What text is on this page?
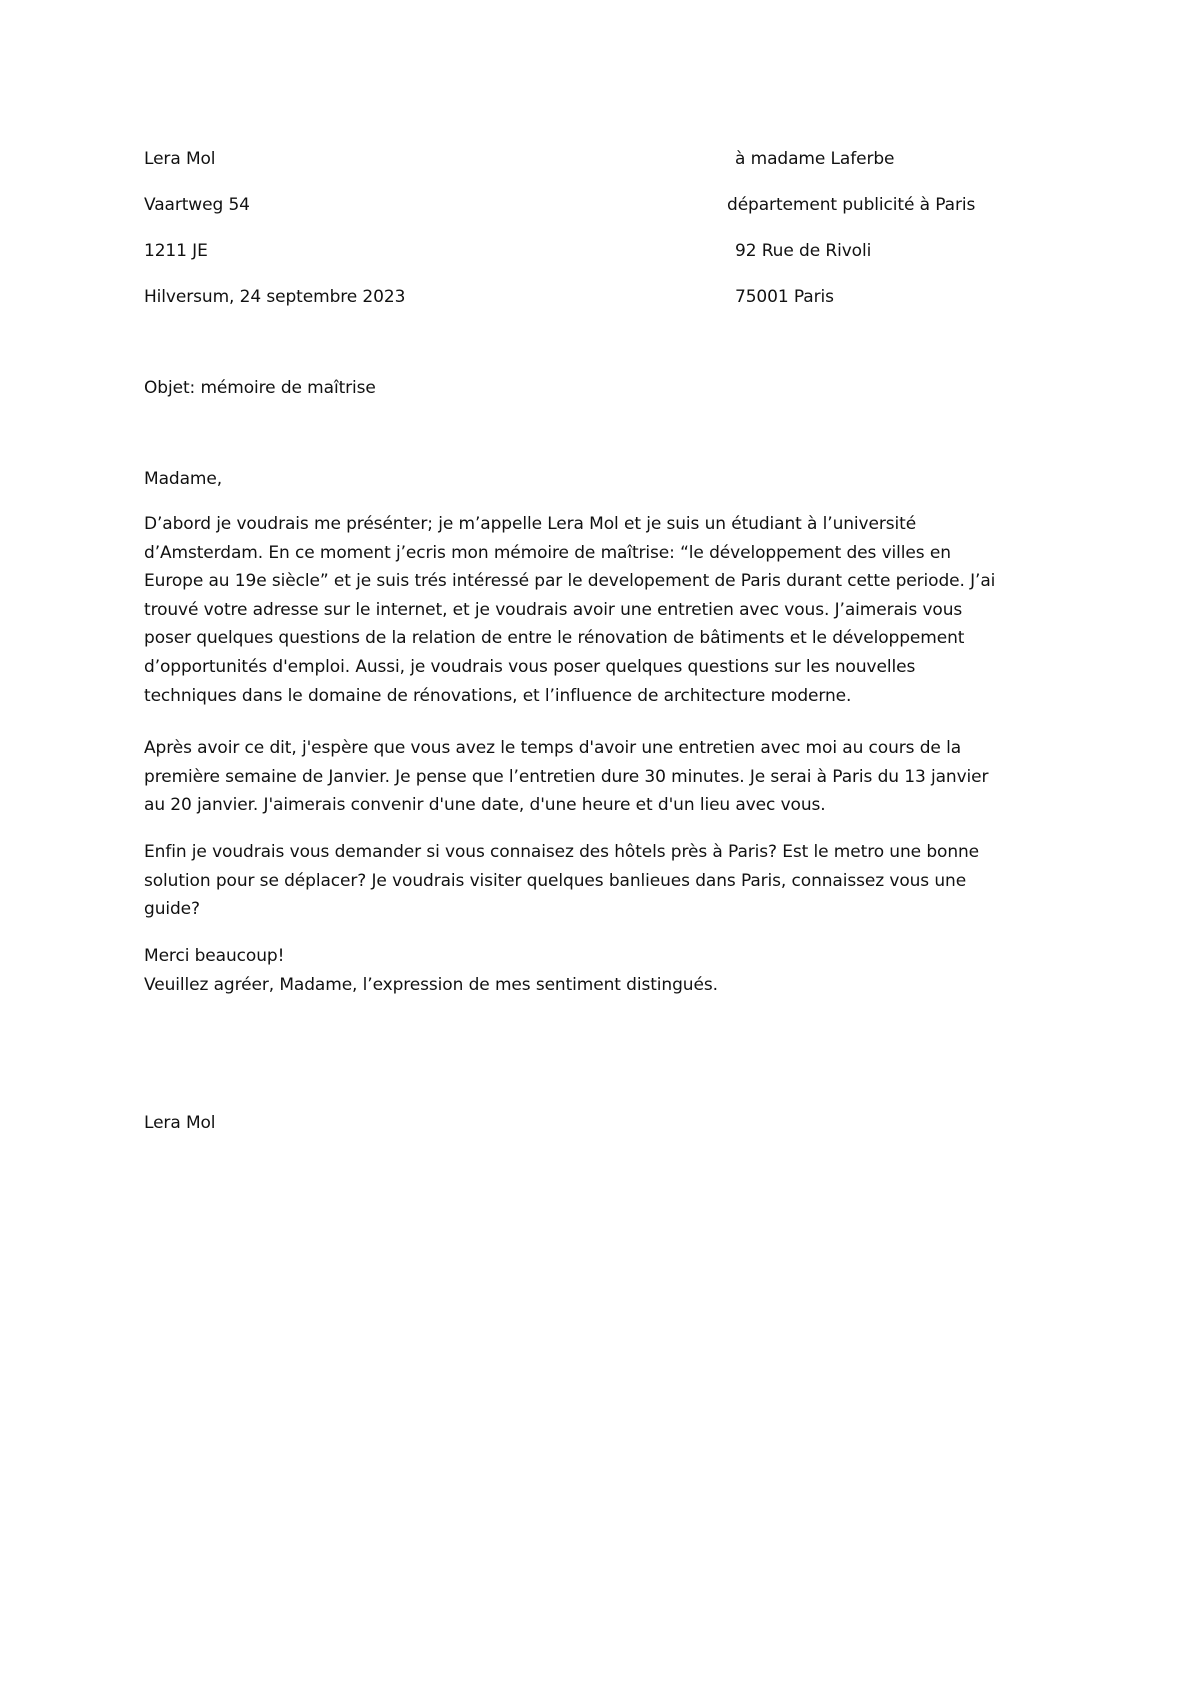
Lera Mol
Vaartweg 54
1211 JE
Hilversum, 24 septembre 2023
à madame Laferbe
département publicité à Paris
92 Rue de Rivoli
75001 Paris
Objet: mémoire de maîtrise
Madame,

D’abord je voudrais me présénter; je m’appelle Lera Mol et je suis un étudiant à l’université
d’Amsterdam. En ce moment j’ecris mon mémoire de maîtrise: “le développement des villes en
Europe au 19e siècle” et je suis trés intéressé par le developement de Paris durant cette periode. J’ai
trouvé votre adresse sur le internet, et je voudrais avoir une entretien avec vous. J’aimerais vous
poser quelques questions de la relation de entre le rénovation de bâtiments et le développement
d’opportunités d'emploi. Aussi, je voudrais vous poser quelques questions sur les nouvelles
techniques dans le domaine de rénovations, et l’influence de architecture moderne.

Après avoir ce dit, j'espère que vous avez le temps d'avoir une entretien avec moi au cours de la
première semaine de Janvier. Je pense que l’entretien dure 30 minutes. Je serai à Paris du 13 janvier
au 20 janvier. J'aimerais convenir d'une date, d'une heure et d'un lieu avec vous.

Enfin je voudrais vous demander si vous connaisez des hôtels près à Paris? Est le metro une bonne
solution pour se déplacer? Je voudrais visiter quelques banlieues dans Paris, connaissez vous une
guide?

Merci beaucoup!
Veuillez agréer, Madame, l’expression de mes sentiment distingués.

Lera Mol
